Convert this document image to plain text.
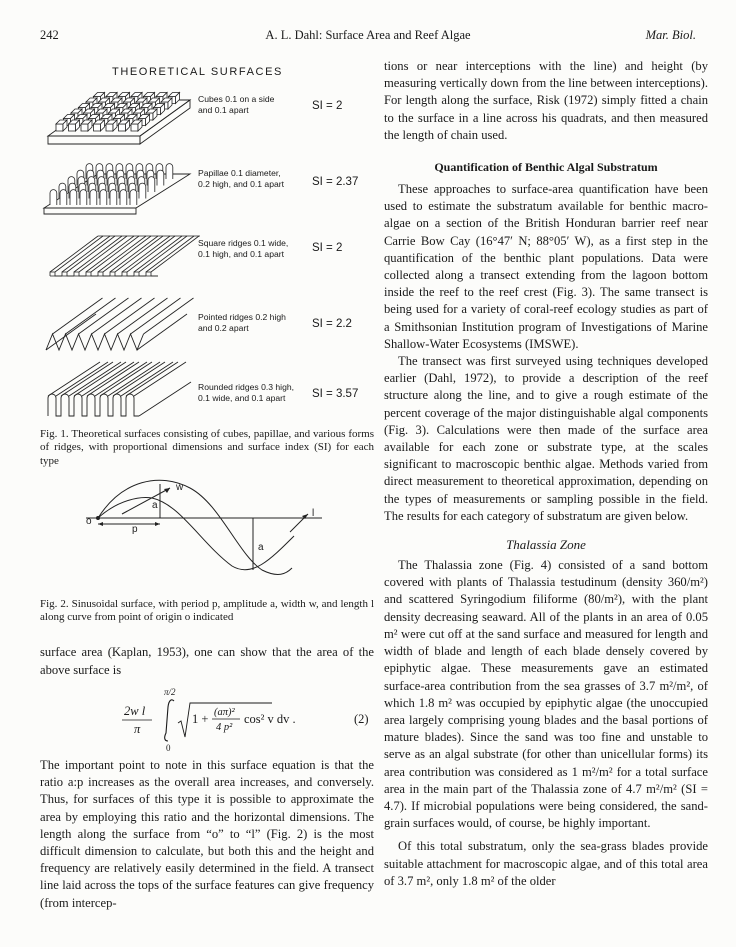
242	A. L. Dahl: Surface Area and Reef Algae	Mar. Biol.
THEORETICAL SURFACES
Cubes 0.1 on a side
and 0.1 apart	SI = 2
Papillae 0.1 diameter,
0.2 high, and 0.1 apart	SI = 2.37
Square ridges 0.1 wide,
0.1 high, and 0.1 apart	SI = 2
Pointed ridges 0.2 high
and 0.2 apart	SI = 2.2
Rounded ridges 0.3 high,
0.1 wide, and 0.1 apart	SI = 3.57

Fig. 1. Theoretical surfaces consisting of cubes, papillae, and various forms of ridges, with proportional dimensions and surface index (SI) for each type

w
a
o
p
l
a

Fig. 2. Sinusoidal surface, with period p, amplitude a, width w, and length l along curve from point of origin o indicated

surface area (Kaplan, 1953), one can show that the area of the above surface is

2w l
π
π/2
0
1 + (aπ)²
4 p²
cos² v dv .	(2)

The important point to note in this surface equation is that the ratio a:p increases as the overall area increases, and conversely. Thus, for surfaces of this type it is possible to approximate the area by employing this ratio and the horizontal dimensions. The length along the surface from “o” to “l” (Fig. 2) is the most difficult dimension to calculate, but both this and the height and frequency are relatively easily determined in the field. A transect line laid across the tops of the surface features can give frequency (from intercep-

tions or near interceptions with the line) and height (by measuring vertically down from the line between interceptions). For length along the surface, Risk (1972) simply fitted a chain to the surface in a line across his quadrats, and then measured the length of chain used.

Quantification of Benthic Algal Substratum

These approaches to surface-area quantification have been used to estimate the substratum available for benthic macro-algae on a section of the British Honduran barrier reef near Carrie Bow Cay (16°47′ N; 88°05′ W), as a first step in the quantification of the benthic plant populations. Data were collected along a transect extending from the lagoon bottom inside the reef to the reef crest (Fig. 3). The same transect is being used for a variety of coral-reef ecology studies as part of a Smithsonian Institution program of Investigations of Marine Shallow-Water Ecosystems (IMSWE).

The transect was first surveyed using techniques developed earlier (Dahl, 1972), to provide a description of the reef structure along the line, and to give a rough estimate of the percent coverage of the major distinguishable algal components (Fig. 3). Calculations were then made of the surface area available for each zone or substrate type, at the scales significant to macroscopic benthic algae. Methods varied from direct measurement to theoretical approximation, depending on the types of measurements or sampling possible in the field. The results for each category of substratum are given below.

Thalassia Zone

The Thalassia zone (Fig. 4) consisted of a sand bottom covered with plants of Thalassia testudinum (density 360/m²) and scattered Syringodium filiforme (80/m²), with the plant density decreasing seaward. All of the plants in an area of 0.05 m² were cut off at the sand surface and measured for length and width of blade and length of each blade densely covered by epiphytic algae. These measurements gave an estimated surface-area contribution from the sea grasses of 3.7 m²/m², of which 1.8 m² was occupied by epiphytic algae (the unoccupied area largely comprising young blades and the basal portions of mature blades). Since the sand was too fine and unstable to serve as an algal substrate (for other than unicellular forms) its area contribution was considered as 1 m²/m² for a total surface area in the main part of the Thalassia zone of 4.7 m²/m² (SI = 4.7). If microbial populations were being considered, the sand-grain surfaces would, of course, be highly important.

Of this total substratum, only the sea-grass blades provide suitable attachment for macroscopic algae, and of this total area of 3.7 m², only 1.8 m² of the older
